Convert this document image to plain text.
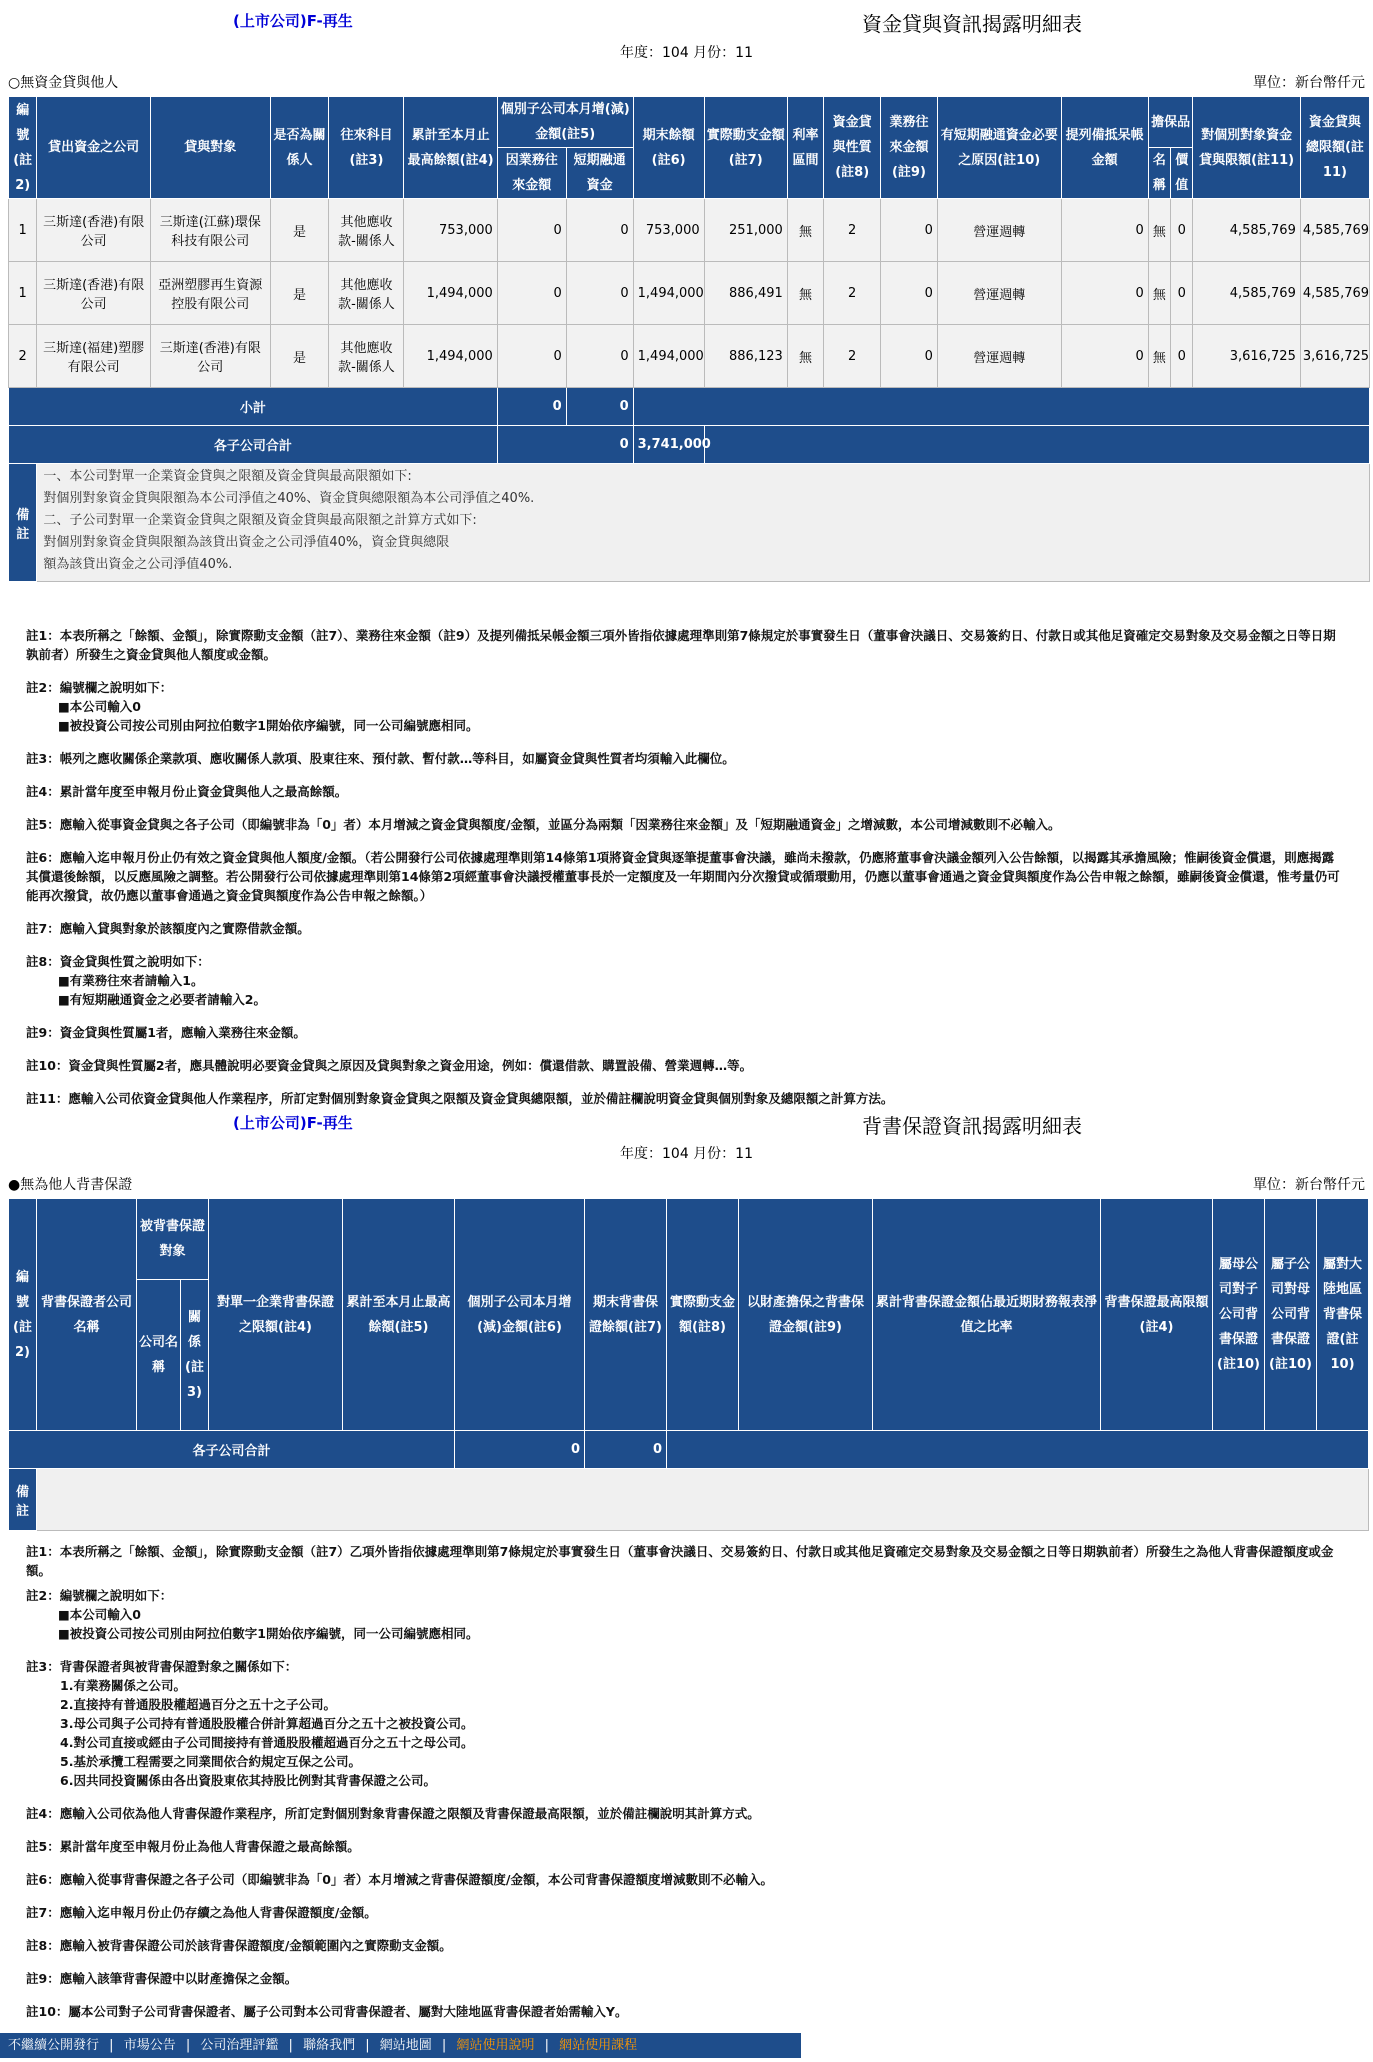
(上市公司)F-再生	資金貸與資訊揭露明細表
年度：104 月份：11
○無資金貸與他人	單位：新台幣仟元
編號(註2)	貸出資金之公司	貸與對象	是否為關係人	往來科目(註3)	累計至本月止最高餘額(註4)	個別子公司本月增(減)金額(註5)		期末餘額(註6)	實際動支金額(註7)	利率區間	資金貸與性質(註8)	業務往來金額(註9)	有短期融通資金必要之原因(註10)	提列備抵呆帳金額	擔保品		對個別對象資金貸與限額(註11)	資金貸與總限額(註11)
						因業務往來金額	短期融通資金								名稱	價值		
1	三斯達(香港)有限公司	三斯達(江蘇)環保科技有限公司	是	其他應收款-關係人	753,000	0	0	753,000	251,000	無	2	0	營運週轉	0	無	0	4,585,769	4,585,769
1	三斯達(香港)有限公司	亞洲塑膠再生資源控股有限公司	是	其他應收款-關係人	1,494,000	0	0	1,494,000	886,491	無	2	0	營運週轉	0	無	0	4,585,769	4,585,769
2	三斯達(福建)塑膠有限公司	三斯達(香港)有限公司	是	其他應收款-關係人	1,494,000	0	0	1,494,000	886,123	無	2	0	營運週轉	0	無	0	3,616,725	3,616,725
小計						0	0											
各子公司合計						0		3,741,000										
備註	一、本公司對單一企業資金貸與之限額及資金貸與最高限額如下:
對個別對象資金貸與限額為本公司淨值之40%、資金貸與總限額為本公司淨值之40%.
二、子公司對單一企業資金貸與之限額及資金貸與最高限額之計算方式如下:
對個別對象資金貸與限額為該貸出資金之公司淨值40%，資金貸與總限
額為該貸出資金之公司淨值40%.																	
註1：本表所稱之「餘額、金額」，除實際動支金額（註7）、業務往來金額（註9）及提列備抵呆帳金額三項外皆指依據處理準則第7條規定於事實發生日（董事會決議日、交易簽約日、付款日或其他足資確定交易對象及交易金額之日等日期孰前者）所發生之資金貸與他人額度或金額。
註2：編號欄之說明如下：
■本公司輸入0
■被投資公司按公司別由阿拉伯數字1開始依序編號，同一公司編號應相同。
註3：帳列之應收關係企業款項、應收關係人款項、股東往來、預付款、暫付款…等科目，如屬資金貸與性質者均須輸入此欄位。
註4：累計當年度至申報月份止資金貸與他人之最高餘額。
註5：應輸入從事資金貸與之各子公司（即編號非為「0」者）本月增減之資金貸與額度/金額，並區分為兩類「因業務往來金額」及「短期融通資金」之增減數，本公司增減數則不必輸入。
註6：應輸入迄申報月份止仍有效之資金貸與他人額度/金額。（若公開發行公司依據處理準則第14條第1項將資金貸與逐筆提董事會決議，雖尚未撥款，仍應將董事會決議金額列入公告餘額，以揭露其承擔風險；惟嗣後資金償還，則應揭露其償還後餘額，以反應風險之調整。若公開發行公司依據處理準則第14條第2項經董事會決議授權董事長於一定額度及一年期間內分次撥貸或循環動用，仍應以董事會通過之資金貸與額度作為公告申報之餘額，雖嗣後資金償還，惟考量仍可能再次撥貸，故仍應以董事會通過之資金貸與額度作為公告申報之餘額。）
註7：應輸入貸與對象於該額度內之實際借款金額。
註8：資金貸與性質之說明如下：
■有業務往來者請輸入1。
■有短期融通資金之必要者請輸入2。
註9：資金貸與性質屬1者，應輸入業務往來金額。
註10：資金貸與性質屬2者，應具體說明必要資金貸與之原因及貸與對象之資金用途，例如：償還借款、購置設備、營業週轉…等。
註11：應輸入公司依資金貸與他人作業程序，所訂定對個別對象資金貸與之限額及資金貸與總限額，並於備註欄說明資金貸與個別對象及總限額之計算方法。
(上市公司)F-再生	背書保證資訊揭露明細表
年度：104 月份：11
●無為他人背書保證	單位：新台幣仟元
編號(註2)	背書保證者公司名稱	被背書保證對象		對單一企業背書保證之限額(註4)	累計至本月止最高餘額(註5)	個別子公司本月增(減)金額(註6)	期末背書保證餘額(註7)	實際動支金額(註8)	以財產擔保之背書保證金額(註9)	累計背書保證金額佔最近期財務報表淨值之比率	背書保證最高限額(註4)	屬母公司對子公司背書保證(註10)	屬子公司對母公司背書保證(註10)	屬對大陸地區背書保證(註10)
		公司名稱	關係(註3)											
各子公司合計						0	0							
備註														
註1：本表所稱之「餘額、金額」，除實際動支金額（註7）乙項外皆指依據處理準則第7條規定於事實發生日（董事會決議日、交易簽約日、付款日或其他足資確定交易對象及交易金額之日等日期孰前者）所發生之為他人背書保證額度或金額。
註2：編號欄之說明如下：
■本公司輸入0
■被投資公司按公司別由阿拉伯數字1開始依序編號，同一公司編號應相同。
註3：背書保證者與被背書保證對象之關係如下：
1.有業務關係之公司。
2.直接持有普通股股權超過百分之五十之子公司。
3.母公司與子公司持有普通股股權合併計算超過百分之五十之被投資公司。
4.對公司直接或經由子公司間接持有普通股股權超過百分之五十之母公司。
5.基於承攬工程需要之同業間依合約規定互保之公司。
6.因共同投資關係由各出資股東依其持股比例對其背書保證之公司。
註4：應輸入公司依為他人背書保證作業程序，所訂定對個別對象背書保證之限額及背書保證最高限額，並於備註欄說明其計算方式。
註5：累計當年度至申報月份止為他人背書保證之最高餘額。
註6：應輸入從事背書保證之各子公司（即編號非為「0」者）本月增減之背書保證額度/金額，本公司背書保證額度增減數則不必輸入。
註7：應輸入迄申報月份止仍存續之為他人背書保證額度/金額。
註8：應輸入被背書保證公司於該背書保證額度/金額範圍內之實際動支金額。
註9：應輸入該筆背書保證中以財產擔保之金額。
註10：屬本公司對子公司背書保證者、屬子公司對本公司背書保證者、屬對大陸地區背書保證者始需輸入Y。
不繼續公開發行 | 市場公告 | 公司治理評鑑 | 聯絡我們 | 網站地圖 | 網站使用說明 | 網站使用課程
